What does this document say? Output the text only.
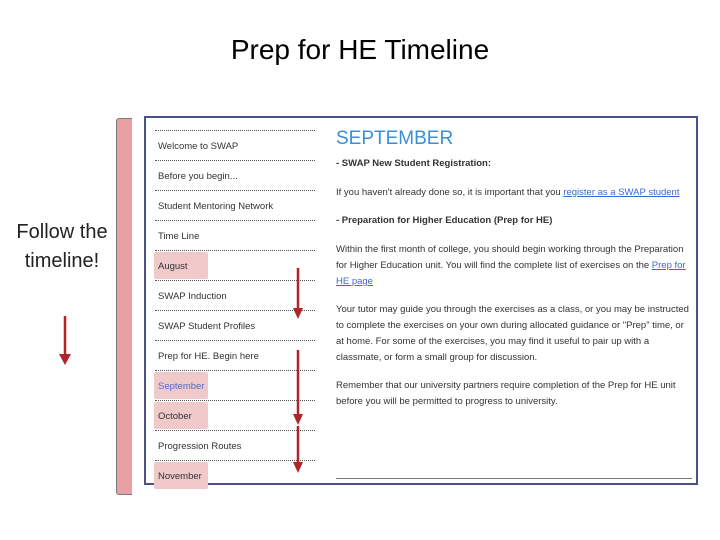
Prep for HE Timeline
Follow the timeline!
Welcome to SWAP
Before you begin...
Student Mentoring Network
Time Line
August
SWAP Induction
SWAP Student Profiles
Prep for HE. Begin here
September
October
Progression Routes
November
SEPTEMBER
- SWAP New Student Registration:
If you haven't already done so, it is important that you register as a SWAP student
- Preparation for Higher Education (Prep for HE)
Within the first month of college, you should begin working through the Preparation for Higher Education unit. You will find the complete list of exercises on the Prep for HE page
Your tutor may guide you through the exercises as a class, or you may be instructed to complete the exercises on your own during allocated guidance or "Prep" time, or at home. For some of the exercises, you may find it useful to pair up with a classmate, or form a small group for discussion.
Remember that our university partners require completion of the Prep for HE unit before you will be permitted to progress to university.
